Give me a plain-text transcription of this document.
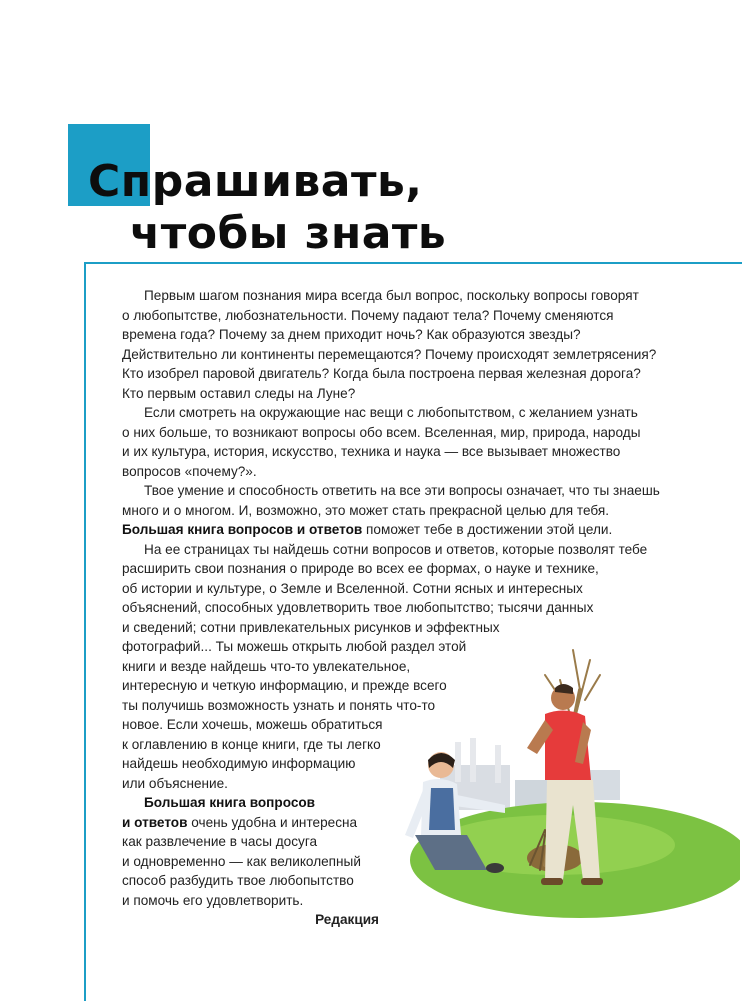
Спрашивать,
чтобы знать
Первым шагом познания мира всегда был вопрос, поскольку вопросы говорят
о любопытстве, любознательности. Почему падают тела? Почему сменяются
времена года? Почему за днем приходит ночь? Как образуются звезды?
Действительно ли континенты перемещаются? Почему происходят землетрясения?
Кто изобрел паровой двигатель? Когда была построена первая железная дорога?
Кто первым оставил следы на Луне?
Если смотреть на окружающие нас вещи с любопытством, с желанием узнать
о них больше, то возникают вопросы обо всем. Вселенная, мир, природа, народы
и их культура, история, искусство, техника и наука — все вызывает множество
вопросов «почему?».
Твое умение и способность ответить на все эти вопросы означает, что ты знаешь
много и о многом. И, возможно, это может стать прекрасной целью для тебя.
Большая книга вопросов и ответов поможет тебе в достижении этой цели.
На ее страницах ты найдешь сотни вопросов и ответов, которые позволят тебе
расширить свои познания о природе во всех ее формах, о науке и технике,
об истории и культуре, о Земле и Вселенной. Сотни ясных и интересных
объяснений, способных удовлетворить твое любопытство; тысячи данных
и сведений; сотни привлекательных рисунков и эффектных
фотографий... Ты можешь открыть любой раздел этой
книги и везде найдешь что-то увлекательное,
интересную и четкую информацию, и прежде всего
ты получишь возможность узнать и понять что-то
новое. Если хочешь, можешь обратиться
к оглавлению в конце книги, где ты легко
найдешь необходимую информацию
или объяснение.
Большая книга вопросов
и ответов очень удобна и интересна
как развлечение в часы досуга
и одновременно — как великолепный
способ разбудить твое любопытство
и помочь его удовлетворить.
Редакция
